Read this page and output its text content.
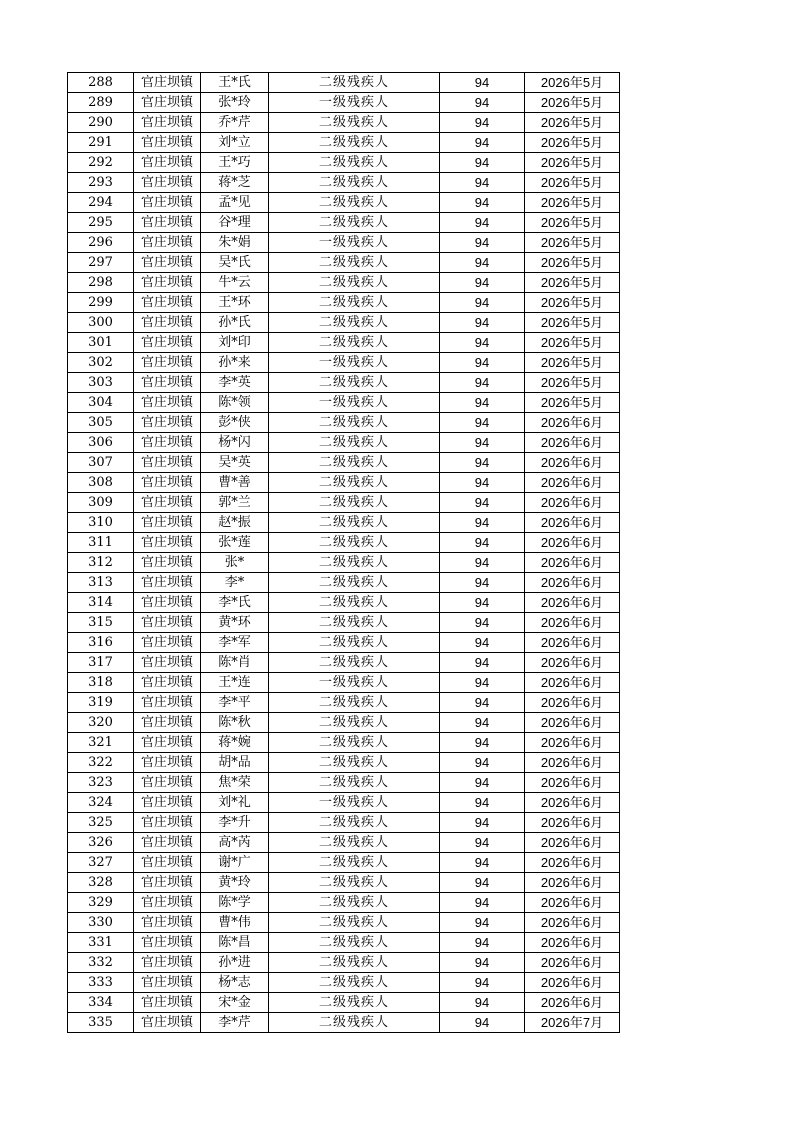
288	官庄坝镇	王*氏	二级残疾人	94	2026年5月
289	官庄坝镇	张*玲	一级残疾人	94	2026年5月
290	官庄坝镇	乔*芹	二级残疾人	94	2026年5月
291	官庄坝镇	刘*立	二级残疾人	94	2026年5月
292	官庄坝镇	王*巧	二级残疾人	94	2026年5月
293	官庄坝镇	蒋*芝	二级残疾人	94	2026年5月
294	官庄坝镇	孟*见	二级残疾人	94	2026年5月
295	官庄坝镇	谷*理	二级残疾人	94	2026年5月
296	官庄坝镇	朱*娟	一级残疾人	94	2026年5月
297	官庄坝镇	吴*氏	二级残疾人	94	2026年5月
298	官庄坝镇	牛*云	二级残疾人	94	2026年5月
299	官庄坝镇	王*环	二级残疾人	94	2026年5月
300	官庄坝镇	孙*氏	二级残疾人	94	2026年5月
301	官庄坝镇	刘*印	二级残疾人	94	2026年5月
302	官庄坝镇	孙*来	一级残疾人	94	2026年5月
303	官庄坝镇	李*英	二级残疾人	94	2026年5月
304	官庄坝镇	陈*领	一级残疾人	94	2026年5月
305	官庄坝镇	彭*侠	二级残疾人	94	2026年6月
306	官庄坝镇	杨*闪	二级残疾人	94	2026年6月
307	官庄坝镇	吴*英	二级残疾人	94	2026年6月
308	官庄坝镇	曹*善	二级残疾人	94	2026年6月
309	官庄坝镇	郭*兰	二级残疾人	94	2026年6月
310	官庄坝镇	赵*振	二级残疾人	94	2026年6月
311	官庄坝镇	张*莲	二级残疾人	94	2026年6月
312	官庄坝镇	张*	二级残疾人	94	2026年6月
313	官庄坝镇	李*	二级残疾人	94	2026年6月
314	官庄坝镇	李*氏	二级残疾人	94	2026年6月
315	官庄坝镇	黄*环	二级残疾人	94	2026年6月
316	官庄坝镇	李*军	二级残疾人	94	2026年6月
317	官庄坝镇	陈*肖	二级残疾人	94	2026年6月
318	官庄坝镇	王*连	一级残疾人	94	2026年6月
319	官庄坝镇	李*平	二级残疾人	94	2026年6月
320	官庄坝镇	陈*秋	二级残疾人	94	2026年6月
321	官庄坝镇	蒋*婉	二级残疾人	94	2026年6月
322	官庄坝镇	胡*品	二级残疾人	94	2026年6月
323	官庄坝镇	焦*荣	二级残疾人	94	2026年6月
324	官庄坝镇	刘*礼	一级残疾人	94	2026年6月
325	官庄坝镇	李*升	二级残疾人	94	2026年6月
326	官庄坝镇	高*芮	二级残疾人	94	2026年6月
327	官庄坝镇	谢*广	二级残疾人	94	2026年6月
328	官庄坝镇	黄*玲	二级残疾人	94	2026年6月
329	官庄坝镇	陈*学	二级残疾人	94	2026年6月
330	官庄坝镇	曹*伟	二级残疾人	94	2026年6月
331	官庄坝镇	陈*昌	二级残疾人	94	2026年6月
332	官庄坝镇	孙*进	二级残疾人	94	2026年6月
333	官庄坝镇	杨*志	二级残疾人	94	2026年6月
334	官庄坝镇	宋*金	二级残疾人	94	2026年6月
335	官庄坝镇	李*芹	二级残疾人	94	2026年7月
